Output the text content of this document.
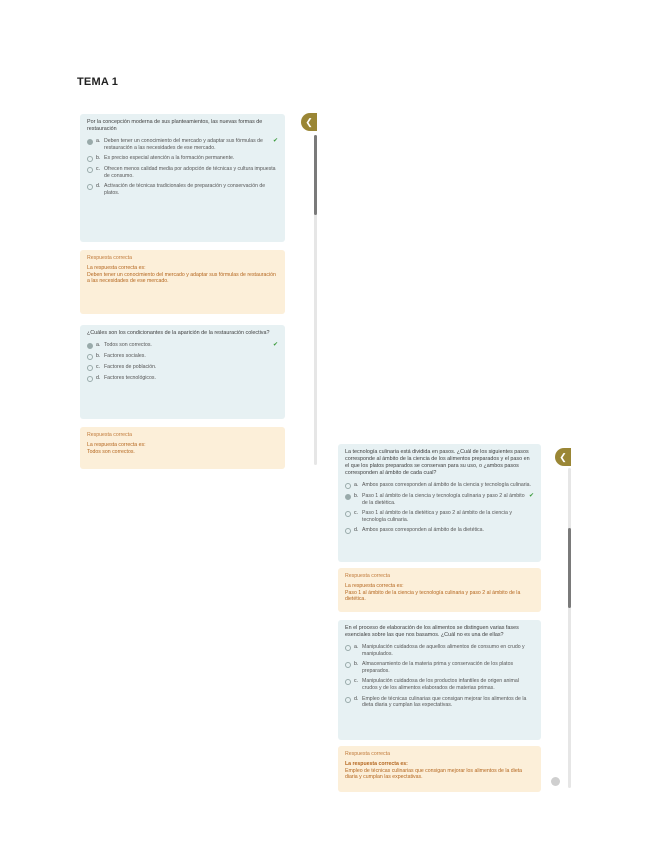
TEMA 1
❮

Por la concepción moderna de sus planteamientos, las nuevas formas de restauración

a. Deben tener un conocimiento del mercado y adaptar sus fórmulas de restauración a las necesidades de ese mercado.
✔
b. Es preciso especial atención a la formación permanente.
c. Ofrecen menos calidad media por adopción de técnicas y cultura impuesta de consumo.
d. Activación de técnicas tradicionales de preparación y conservación de platos.
Respuesta correcta
La respuesta correcta es:
Deben tener un conocimiento del mercado y adaptar sus fórmulas de restauración a las necesidades de ese mercado.

¿Cuáles son los condicionantes de la aparición de la restauración colectiva?

a. Todos son correctos.	✔
b. Factores sociales.
c. Factores de población.
d. Factores tecnológicos.
Respuesta correcta
La respuesta correcta es:
Todos son correctos.
❮

La tecnología culinaria está dividida en pasos. ¿Cuál de los siguientes pasos corresponde al ámbito de la ciencia de los alimentos preparados y el paso en el que los platos preparados se conservan para su uso, o ¿ambos pasos corresponden al ámbito de cada cual?

a. Ambos pasos corresponden al ámbito de la ciencia y tecnología culinaria.
b. Paso 1 al ámbito de la ciencia y tecnología culinaria y paso 2 al ámbito de la dietética.
✔
c. Paso 1 al ámbito de la dietética y paso 2 al ámbito de la ciencia y tecnología culinaria.
d. Ambos pasos corresponden al ámbito de la dietética.
Respuesta correcta
La respuesta correcta es:
Paso 1 al ámbito de la ciencia y tecnología culinaria y paso 2 al ámbito de la dietética.

En el proceso de elaboración de los alimentos se distinguen varias fases esenciales sobre las que nos basamos. ¿Cuál no es una de ellas?

a. Manipulación cuidadosa de aquellos alimentos de consumo en crudo y manipulados.
b. Almacenamiento de la materia prima y conservación de los platos preparados.
c. Manipulación cuidadosa de los productos infantiles de origen animal crudos y de los alimentos elaborados de materias primas.
d. Empleo de técnicas culinarias que consigan mejorar los alimentos de la dieta diaria y cumplan las expectativas.
Respuesta correcta
La respuesta correcta es:
Empleo de técnicas culinarias que consigan mejorar los alimentos de la dieta diaria y cumplan las expectativas.
